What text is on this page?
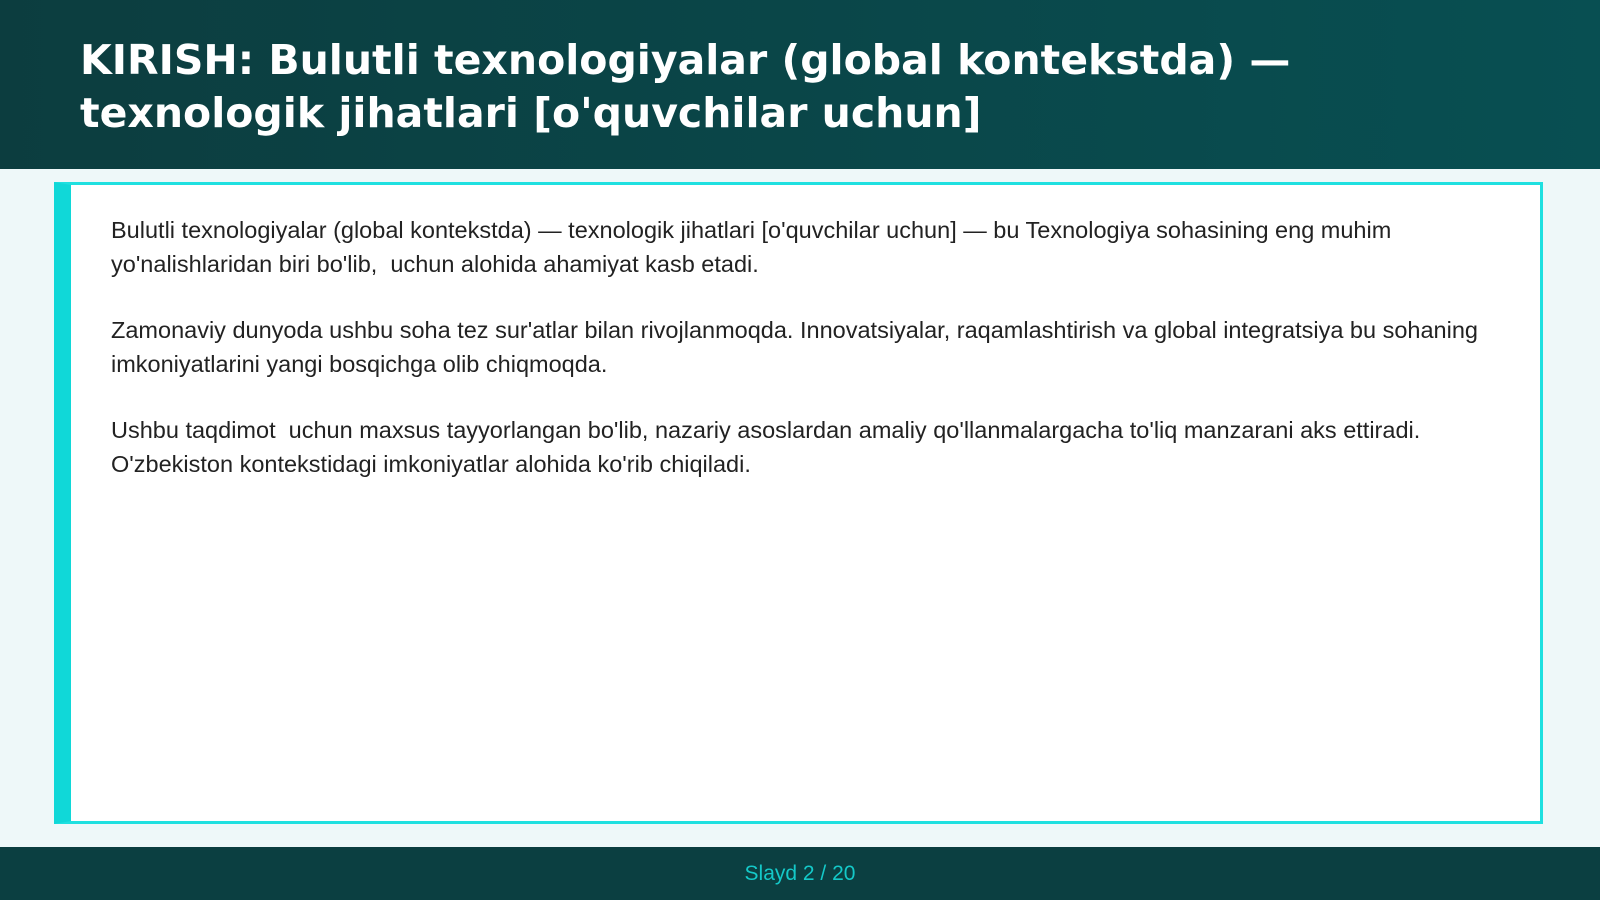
KIRISH: Bulutli texnologiyalar (global kontekstda) — texnologik jihatlari [o'quvchilar uchun]

Bulutli texnologiyalar (global kontekstda) — texnologik jihatlari [o'quvchilar uchun] — bu Texnologiya sohasining eng muhim yo'nalishlaridan biri bo'lib,  uchun alohida ahamiyat kasb etadi.

Zamonaviy dunyoda ushbu soha tez sur'atlar bilan rivojlanmoqda. Innovatsiyalar, raqamlashtirish va global integratsiya bu sohaning imkoniyatlarini yangi bosqichga olib chiqmoqda.

Ushbu taqdimot  uchun maxsus tayyorlangan bo'lib, nazariy asoslardan amaliy qo'llanmalargacha to'liq manzarani aks ettiradi. O'zbekiston kontekstidagi imkoniyatlar alohida ko'rib chiqiladi.

Slayd 2 / 20
